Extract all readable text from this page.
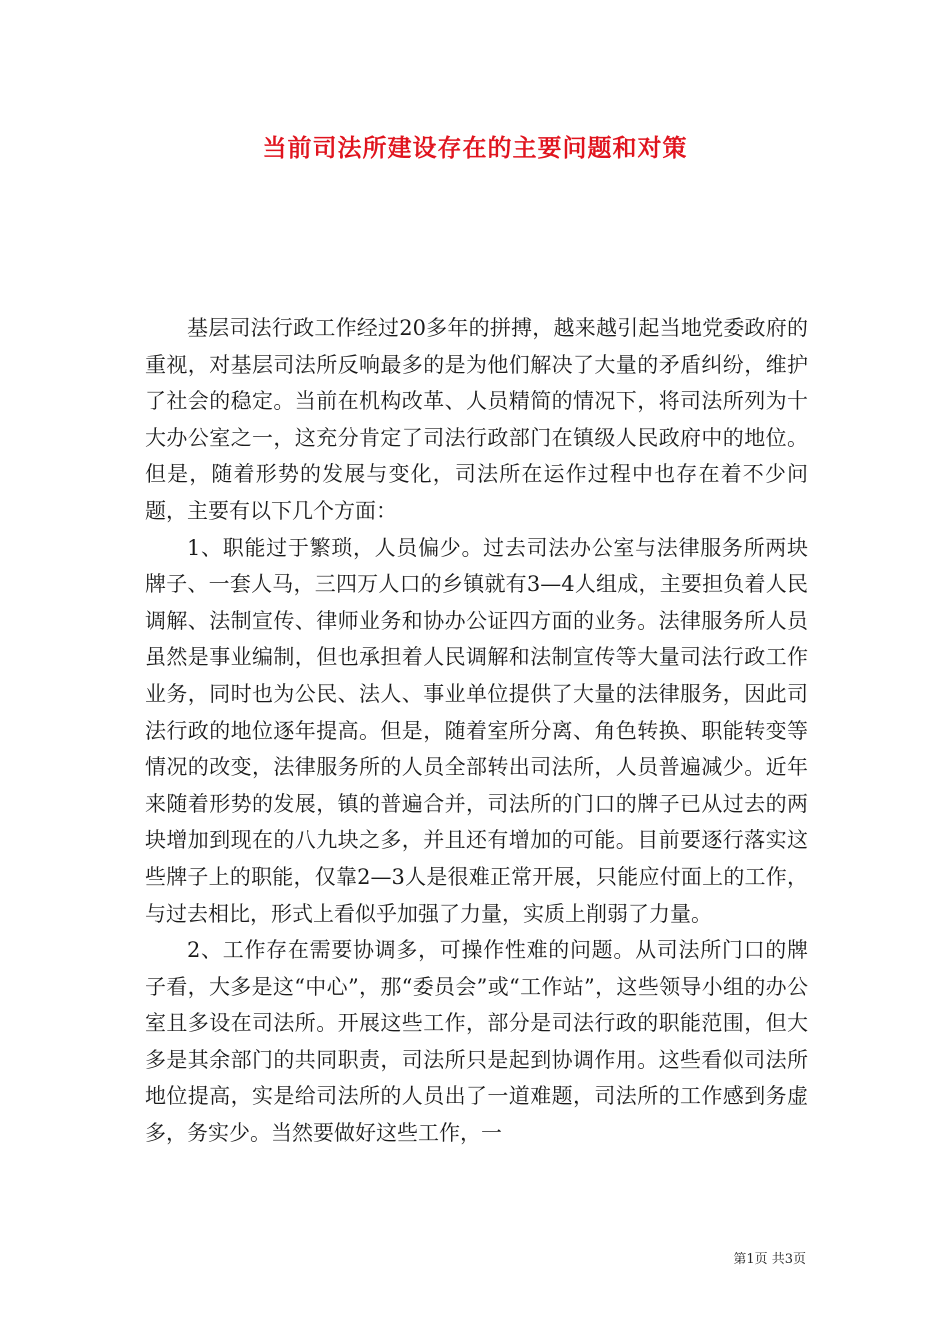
当前司法所建设存在的主要问题和对策

基层司法行政工作经过20多年的拼搏，越来越引起当地党委政府的重视，对基层司法所反响最多的是为他们解决了大量的矛盾纠纷，维护了社会的稳定。当前在机构改革、人员精简的情况下，将司法所列为十大办公室之一，这充分肯定了司法行政部门在镇级人民政府中的地位。但是，随着形势的发展与变化，司法所在运作过程中也存在着不少问题，主要有以下几个方面：

1、职能过于繁琐，人员偏少。过去司法办公室与法律服务所两块牌子、一套人马，三四万人口的乡镇就有3—4人组成，主要担负着人民调解、法制宣传、律师业务和协办公证四方面的业务。法律服务所人员虽然是事业编制，但也承担着人民调解和法制宣传等大量司法行政工作业务，同时也为公民、法人、事业单位提供了大量的法律服务，因此司法行政的地位逐年提高。但是，随着室所分离、角色转换、职能转变等情况的改变，法律服务所的人员全部转出司法所，人员普遍减少。近年来随着形势的发展，镇的普遍合并，司法所的门口的牌子已从过去的两块增加到现在的八九块之多，并且还有增加的可能。目前要逐行落实这些牌子上的职能，仅靠2—3人是很难正常开展，只能应付面上的工作，与过去相比，形式上看似乎加强了力量，实质上削弱了力量。

2、工作存在需要协调多，可操作性难的问题。从司法所门口的牌子看，大多是这“中心”，那“委员会”或“工作站”，这些领导小组的办公室且多设在司法所。开展这些工作，部分是司法行政的职能范围，但大多是其余部门的共同职责，司法所只是起到协调作用。这些看似司法所地位提高，实是给司法所的人员出了一道难题，司法所的工作感到务虚多，务实少。当然要做好这些工作，一

第1页 共3页
